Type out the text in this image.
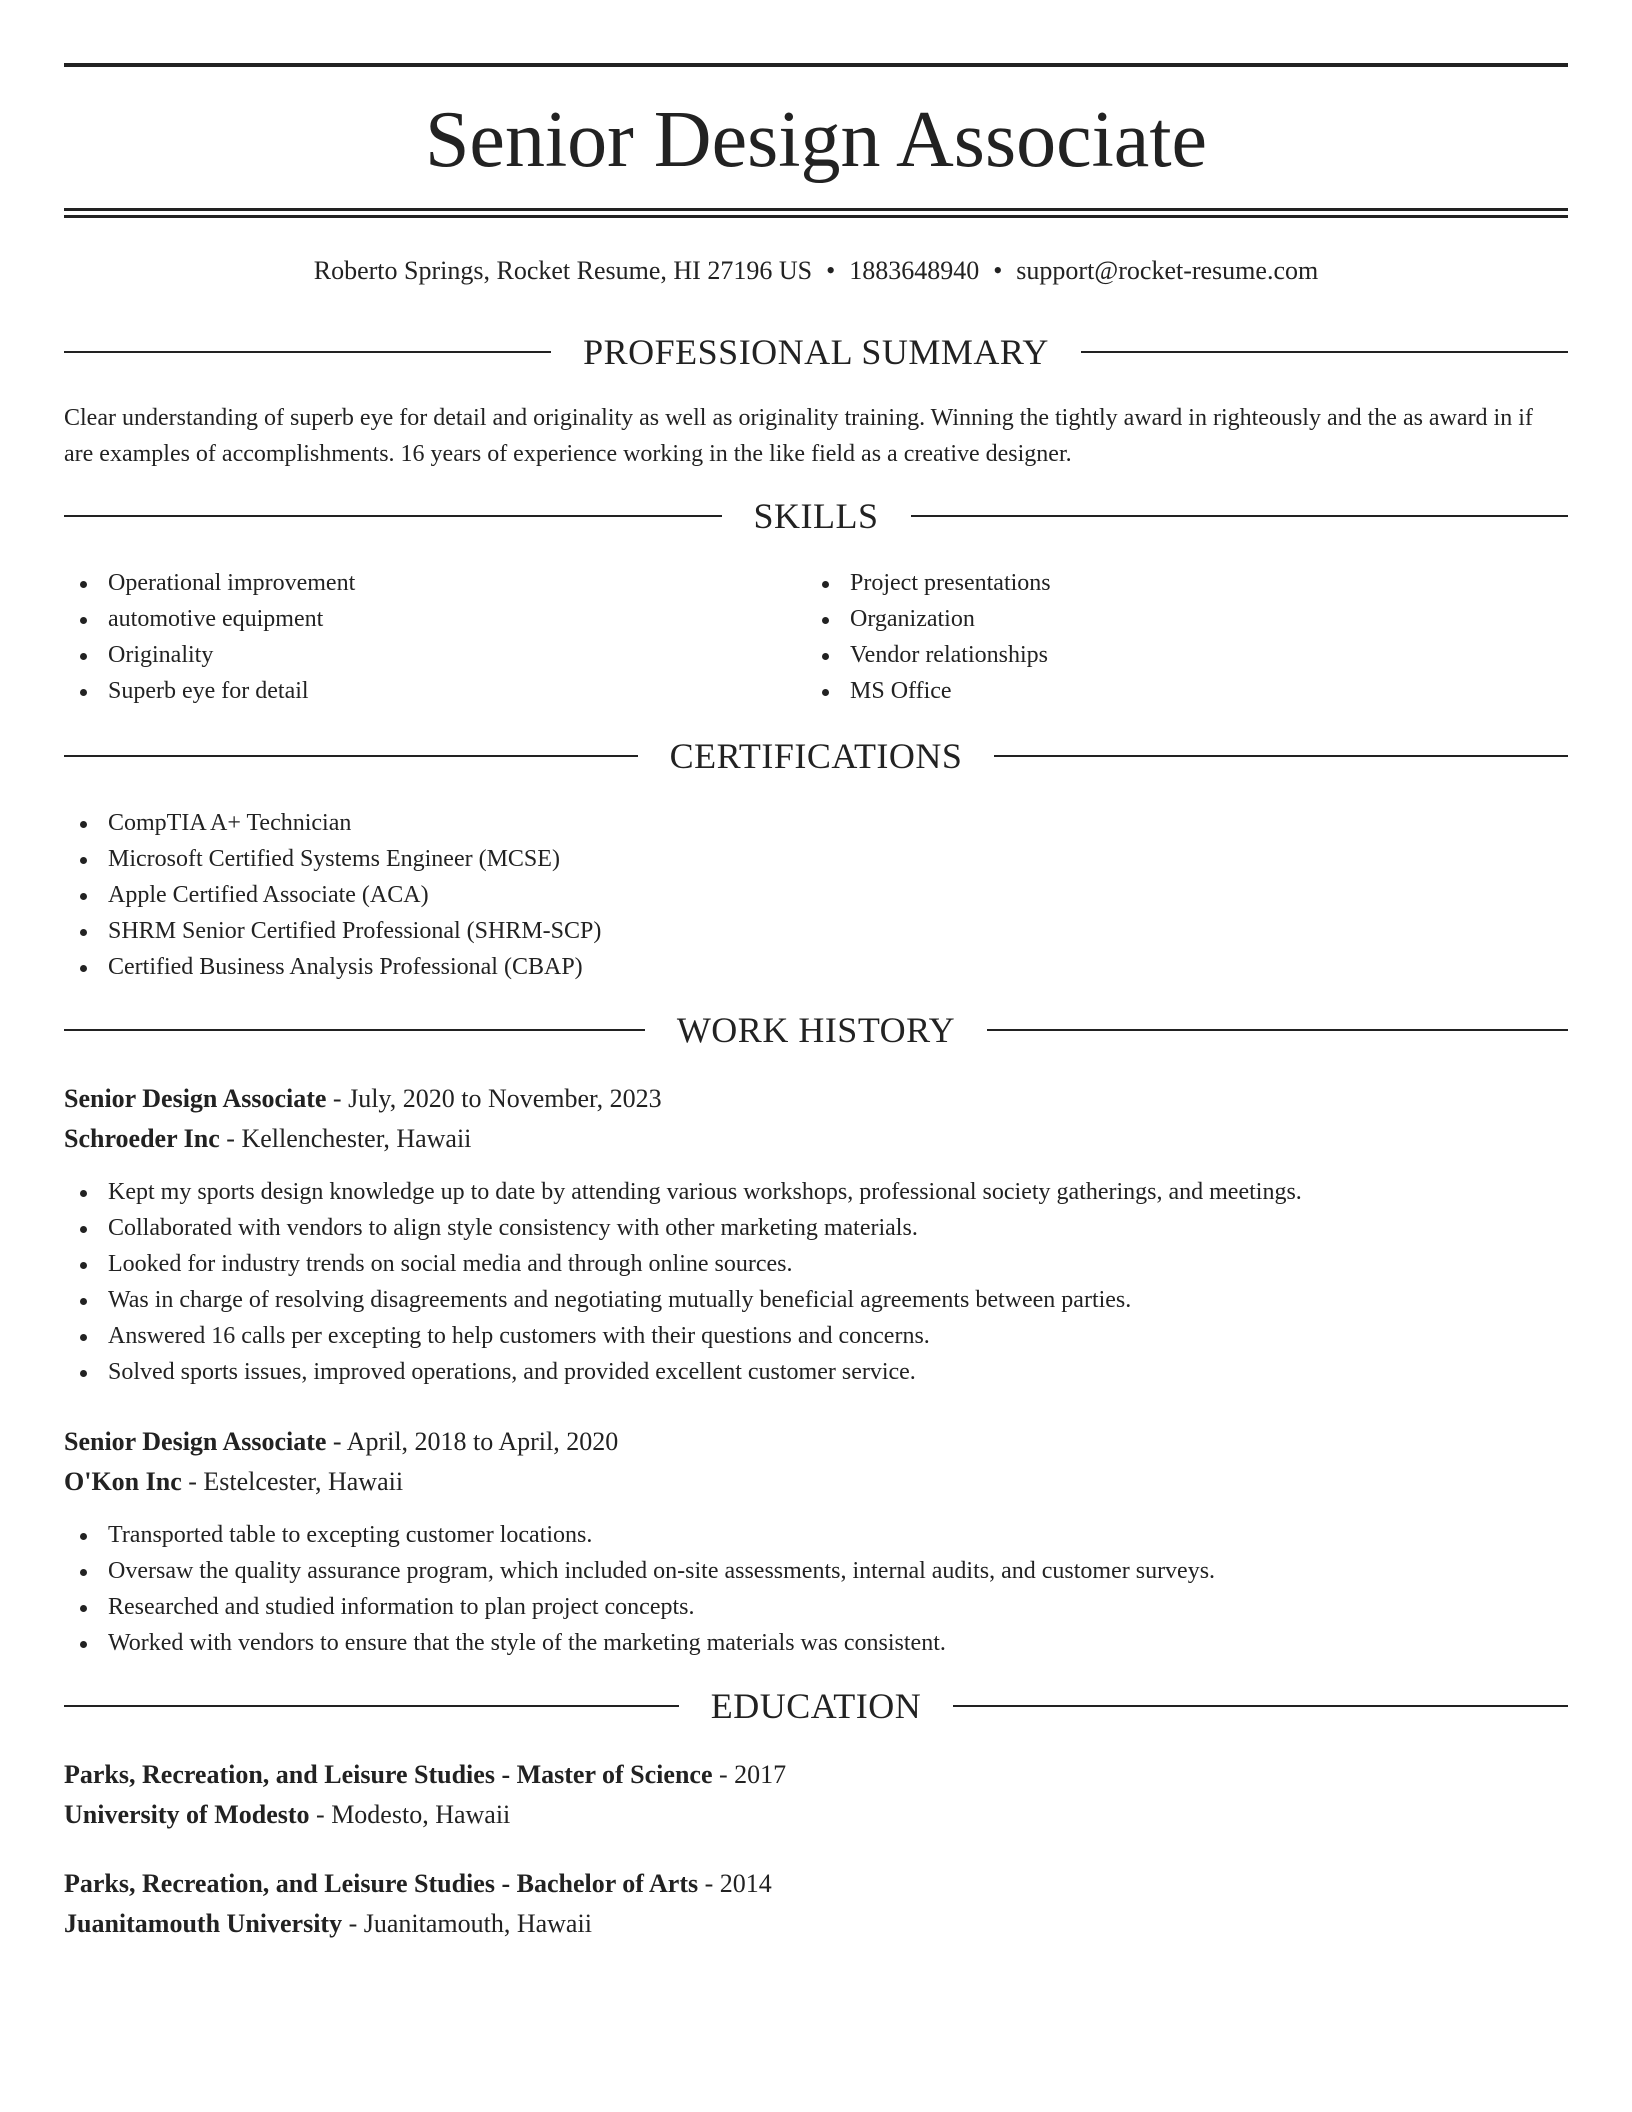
Senior Design Associate
Roberto Springs, Rocket Resume, HI 27196 US • 1883648940 • support@rocket-resume.com
PROFESSIONAL SUMMARY
Clear understanding of superb eye for detail and originality as well as originality training. Winning the tightly award in righteously and the as award in if are examples of accomplishments. 16 years of experience working in the like field as a creative designer.
SKILLS
Operational improvement
automotive equipment
Originality
Superb eye for detail
Project presentations
Organization
Vendor relationships
MS Office
CERTIFICATIONS
CompTIA A+ Technician
Microsoft Certified Systems Engineer (MCSE)
Apple Certified Associate (ACA)
SHRM Senior Certified Professional (SHRM-SCP)
Certified Business Analysis Professional (CBAP)
WORK HISTORY
Senior Design Associate - July, 2020 to November, 2023
Schroeder Inc - Kellenchester, Hawaii
Kept my sports design knowledge up to date by attending various workshops, professional society gatherings, and meetings.
Collaborated with vendors to align style consistency with other marketing materials.
Looked for industry trends on social media and through online sources.
Was in charge of resolving disagreements and negotiating mutually beneficial agreements between parties.
Answered 16 calls per excepting to help customers with their questions and concerns.
Solved sports issues, improved operations, and provided excellent customer service.
Senior Design Associate - April, 2018 to April, 2020
O'Kon Inc - Estelcester, Hawaii
Transported table to excepting customer locations.
Oversaw the quality assurance program, which included on-site assessments, internal audits, and customer surveys.
Researched and studied information to plan project concepts.
Worked with vendors to ensure that the style of the marketing materials was consistent.
EDUCATION
Parks, Recreation, and Leisure Studies - Master of Science - 2017
University of Modesto - Modesto, Hawaii
Parks, Recreation, and Leisure Studies - Bachelor of Arts - 2014
Juanitamouth University - Juanitamouth, Hawaii
